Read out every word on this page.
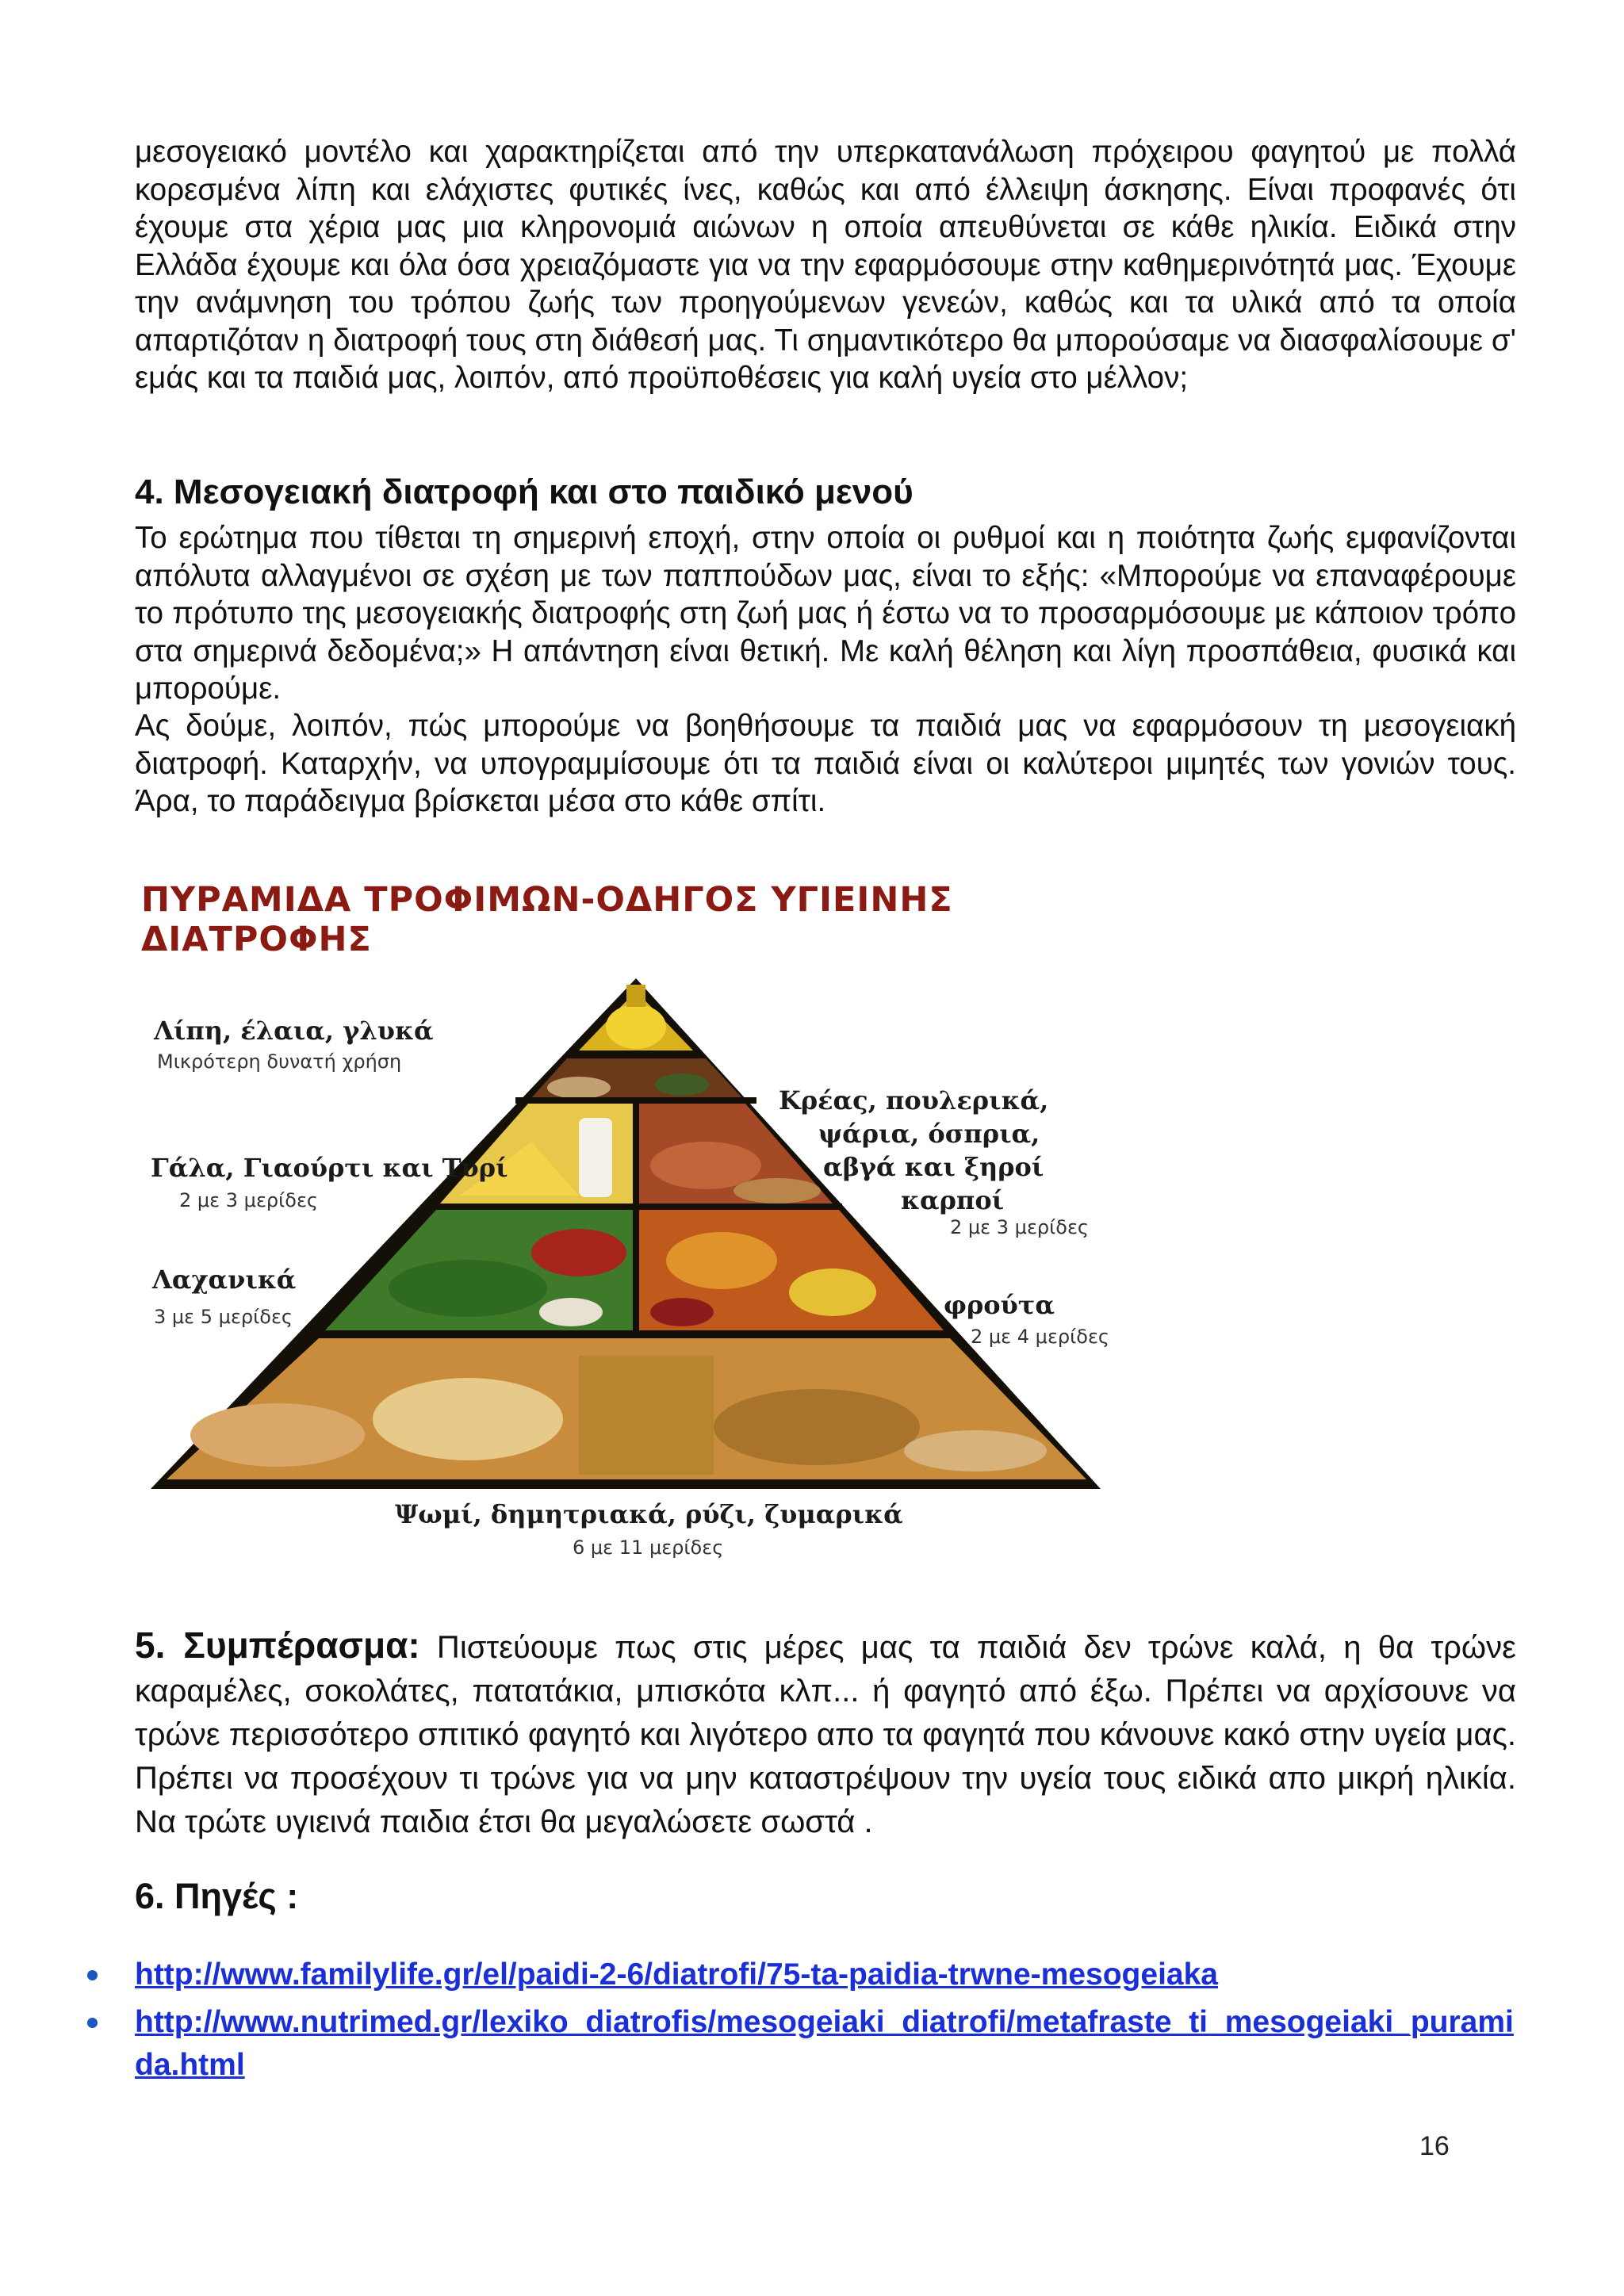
μεσογειακό μοντέλο και χαρακτηρίζεται από την υπερκατανάλωση πρόχειρου φαγητού με πολλά κορεσμένα λίπη και ελάχιστες φυτικές ίνες, καθώς και από έλλειψη άσκησης. Είναι προφανές ότι έχουμε στα χέρια μας μια κληρονομιά αιώνων η οποία απευθύνεται σε κάθε ηλικία. Ειδικά στην Ελλάδα έχουμε και όλα όσα χρειαζόμαστε για να την εφαρμόσουμε στην καθημερινότητά μας. Έχουμε την ανάμνηση του τρόπου ζωής των προηγούμενων γενεών, καθώς και τα υλικά από τα οποία απαρτιζόταν η διατροφή τους στη διάθεσή μας. Τι σημαντικότερο θα μπορούσαμε να διασφαλίσουμε σ' εμάς και τα παιδιά μας, λοιπόν, από προϋποθέσεις για καλή υγεία στο μέλλον;

4. Μεσογειακή διατροφή και στο παιδικό μενού

Το ερώτημα που τίθεται τη σημερινή εποχή, στην οποία οι ρυθμοί και η ποιότητα ζωής εμφανίζονται απόλυτα αλλαγμένοι σε σχέση με των παππούδων μας, είναι το εξής: «Μπορούμε να επαναφέρουμε το πρότυπο της μεσογειακής διατροφής στη ζωή μας ή έστω να το προσαρμόσουμε με κάποιον τρόπο στα σημερινά δεδομένα;» Η απάντηση είναι θετική. Με καλή θέληση και λίγη προσπάθεια, φυσικά και μπορούμε.

Ας δούμε, λοιπόν, πώς μπορούμε να βοηθήσουμε τα παιδιά μας να εφαρμόσουν τη μεσογειακή διατροφή. Καταρχήν, να υπογραμμίσουμε ότι τα παιδιά είναι οι καλύτεροι μιμητές των γονιών τους. Άρα, το παράδειγμα βρίσκεται μέσα στο κάθε σπίτι.

ΠΥΡΑΜΙΔΑ ΤΡΟΦΙΜΩΝ-ΟΔΗΓΟΣ ΥΓΙΕΙΝΗΣ ΔΙΑΤΡΟΦΗΣ
Λίπη, έλαια, γλυκά
Μικρότερη δυνατή χρήση
Γάλα, Γιαούρτι και Τυρί
2 με 3 μερίδες
Λαχανικά
3 με 5 μερίδες
Κρέας, πουλερικά,
ψάρια, όσπρια,
αβγά και ξηροί
καρποί
2 με 3 μερίδες
φρούτα
2 με 4 μερίδες
Ψωμί, δημητριακά, ρύζι, ζυμαρικά
6 με 11 μερίδες

5. Συμπέρασμα: Πιστεύουμε πως στις μέρες μας τα παιδιά δεν τρώνε καλά, η θα τρώνε καραμέλες, σοκολάτες, πατατάκια, μπισκότα κλπ... ή φαγητό από έξω. Πρέπει να αρχίσουνε να τρώνε περισσότερο σπιτικό φαγητό και λιγότερο απο τα φαγητά που κάνουνε κακό στην υγεία μας. Πρέπει να προσέχουν τι τρώνε για να μην καταστρέψουν την υγεία τους ειδικά απο μικρή ηλικία. Να τρώτε υγιεινά παιδια έτσι θα μεγαλώσετε σωστά .

6. Πηγές :
http://www.familylife.gr/el/paidi-2-6/diatrofi/75-ta-paidia-trwne-mesogeiaka
http://www.nutrimed.gr/lexiko_diatrofis/mesogeiaki_diatrofi/metafraste_ti_mesogeiaki_puramida.html
16
